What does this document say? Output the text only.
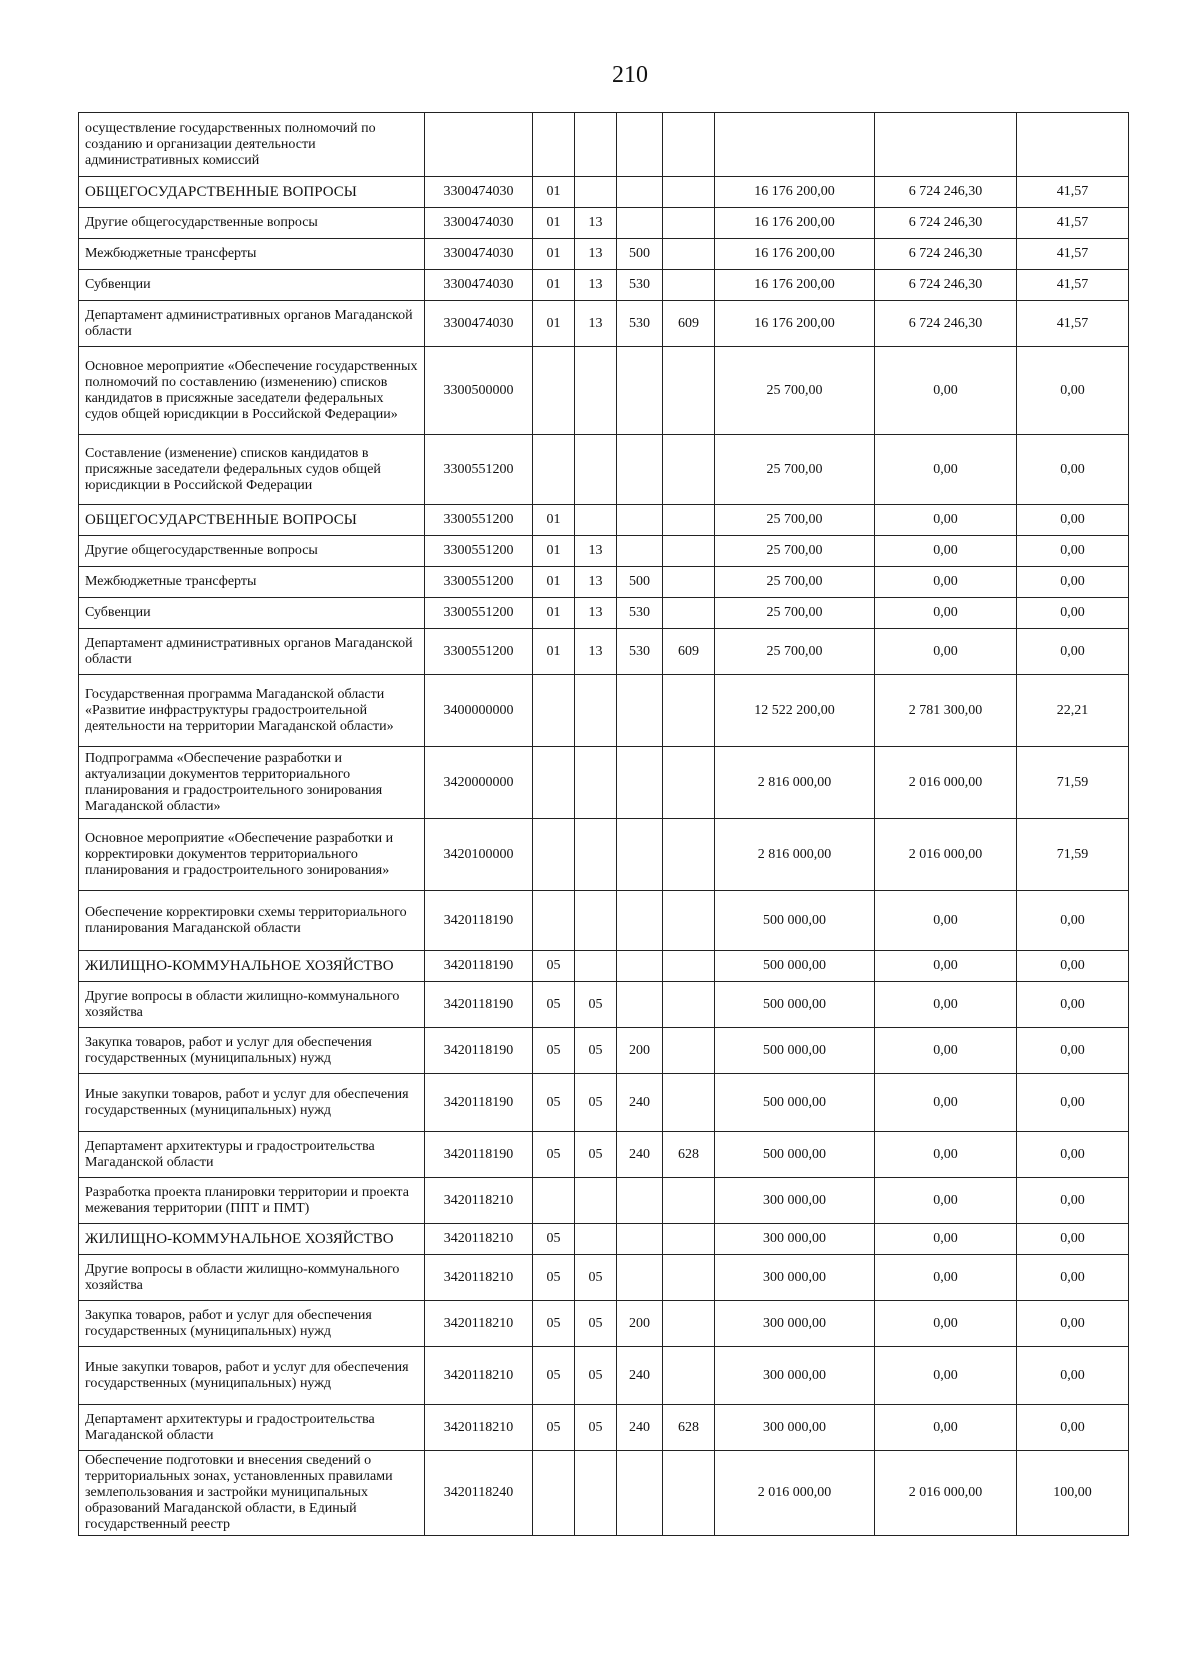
210
осуществление государственных полномочий по созданию и организации деятельности административных комиссий								
ОБЩЕГОСУДАРСТВЕННЫЕ ВОПРОСЫ	3300474030	01				16 176 200,00	6 724 246,30	41,57
Другие общегосударственные вопросы	3300474030	01	13			16 176 200,00	6 724 246,30	41,57
Межбюджетные трансферты	3300474030	01	13	500		16 176 200,00	6 724 246,30	41,57
Субвенции	3300474030	01	13	530		16 176 200,00	6 724 246,30	41,57
Департамент административных органов Магаданской области	3300474030	01	13	530	609	16 176 200,00	6 724 246,30	41,57
Основное мероприятие «Обеспечение государственных полномочий по составлению (изменению) списков кандидатов в присяжные заседатели федеральных судов общей юрисдикции в Российской Федерации»	3300500000					25 700,00	0,00	0,00
Составление (изменение) списков кандидатов в присяжные заседатели федеральных судов общей юрисдикции в Российской Федерации	3300551200					25 700,00	0,00	0,00
ОБЩЕГОСУДАРСТВЕННЫЕ ВОПРОСЫ	3300551200	01				25 700,00	0,00	0,00
Другие общегосударственные вопросы	3300551200	01	13			25 700,00	0,00	0,00
Межбюджетные трансферты	3300551200	01	13	500		25 700,00	0,00	0,00
Субвенции	3300551200	01	13	530		25 700,00	0,00	0,00
Департамент административных органов Магаданской области	3300551200	01	13	530	609	25 700,00	0,00	0,00
Государственная программа Магаданской области «Развитие инфраструктуры градостроительной деятельности на территории Магаданской области»	3400000000					12 522 200,00	2 781 300,00	22,21
Подпрограмма «Обеспечение разработки и актуализации документов территориального планирования и градостроительного зонирования Магаданской области»	3420000000					2 816 000,00	2 016 000,00	71,59
Основное мероприятие «Обеспечение разработки и корректировки документов территориального планирования и градостроительного зонирования»	3420100000					2 816 000,00	2 016 000,00	71,59
Обеспечение корректировки схемы территориального планирования Магаданской области	3420118190					500 000,00	0,00	0,00
ЖИЛИЩНО-КОММУНАЛЬНОЕ ХОЗЯЙСТВО	3420118190	05				500 000,00	0,00	0,00
Другие вопросы в области жилищно-коммунального хозяйства	3420118190	05	05			500 000,00	0,00	0,00
Закупка товаров, работ и услуг для обеспечения государственных (муниципальных) нужд	3420118190	05	05	200		500 000,00	0,00	0,00
Иные закупки товаров, работ и услуг для обеспечения государственных (муниципальных) нужд	3420118190	05	05	240		500 000,00	0,00	0,00
Департамент архитектуры и градостроительства Магаданской области	3420118190	05	05	240	628	500 000,00	0,00	0,00
Разработка проекта планировки территории и проекта межевания территории (ППТ и ПМТ)	3420118210					300 000,00	0,00	0,00
ЖИЛИЩНО-КОММУНАЛЬНОЕ ХОЗЯЙСТВО	3420118210	05				300 000,00	0,00	0,00
Другие вопросы в области жилищно-коммунального хозяйства	3420118210	05	05			300 000,00	0,00	0,00
Закупка товаров, работ и услуг для обеспечения государственных (муниципальных) нужд	3420118210	05	05	200		300 000,00	0,00	0,00
Иные закупки товаров, работ и услуг для обеспечения государственных (муниципальных) нужд	3420118210	05	05	240		300 000,00	0,00	0,00
Департамент архитектуры и градостроительства Магаданской области	3420118210	05	05	240	628	300 000,00	0,00	0,00
Обеспечение подготовки и внесения сведений о территориальных зонах, установленных правилами землепользования и застройки муниципальных образований Магаданской области, в Единый государственный реестр	3420118240					2 016 000,00	2 016 000,00	100,00
